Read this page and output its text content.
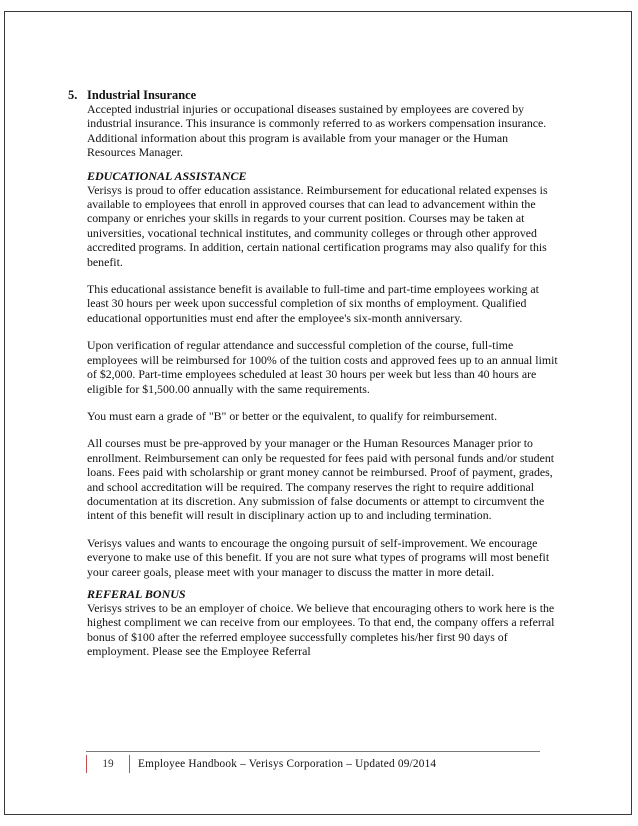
5. Industrial Insurance

Accepted industrial injuries or occupational diseases sustained by employees are covered by industrial insurance. This insurance is commonly referred to as workers compensation insurance. Additional information about this program is available from your manager or the Human Resources Manager.

EDUCATIONAL ASSISTANCE

Verisys is proud to offer education assistance. Reimbursement for educational related expenses is available to employees that enroll in approved courses that can lead to advancement within the company or enriches your skills in regards to your current position. Courses may be taken at universities, vocational technical institutes, and community colleges or through other approved accredited programs. In addition, certain national certification programs may also qualify for this benefit.

This educational assistance benefit is available to full-time and part-time employees working at least 30 hours per week upon successful completion of six months of employment. Qualified educational opportunities must end after the employee's six-month anniversary.

Upon verification of regular attendance and successful completion of the course, full-time employees will be reimbursed for 100% of the tuition costs and approved fees up to an annual limit of $2,000. Part-time employees scheduled at least 30 hours per week but less than 40 hours are eligible for $1,500.00 annually with the same requirements.

You must earn a grade of "B" or better or the equivalent, to qualify for reimbursement.

All courses must be pre-approved by your manager or the Human Resources Manager prior to enrollment. Reimbursement can only be requested for fees paid with personal funds and/or student loans. Fees paid with scholarship or grant money cannot be reimbursed. Proof of payment, grades, and school accreditation will be required. The company reserves the right to require additional documentation at its discretion. Any submission of false documents or attempt to circumvent the intent of this benefit will result in disciplinary action up to and including termination.

Verisys values and wants to encourage the ongoing pursuit of self-improvement. We encourage everyone to make use of this benefit. If you are not sure what types of programs will most benefit your career goals, please meet with your manager to discuss the matter in more detail.

REFERAL BONUS

Verisys strives to be an employer of choice. We believe that encouraging others to work here is the highest compliment we can receive from our employees. To that end, the company offers a referral bonus of $100 after the referred employee successfully completes his/her first 90 days of employment. Please see the Employee Referral

19	Employee Handbook – Verisys Corporation – Updated 09/2014
